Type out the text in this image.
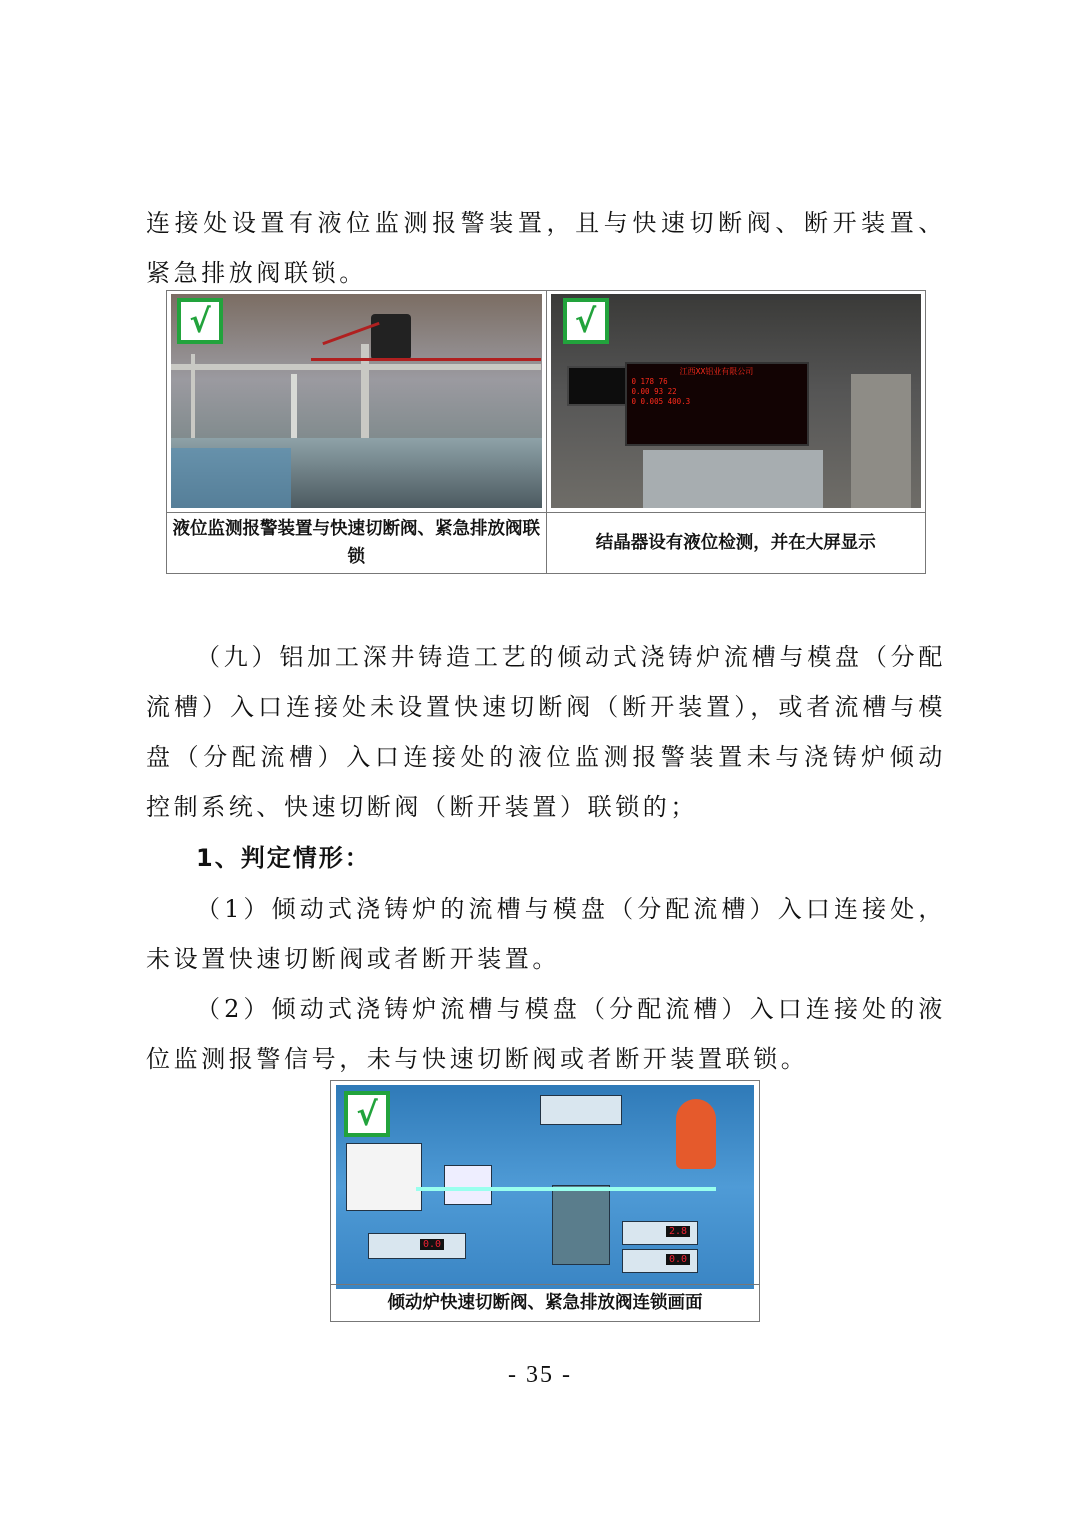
连接处设置有液位监测报警装置，且与快速切断阀、断开装置、紧急排放阀联锁。

√	√
江西XX铝业有限公司
0 178 76
0.00 93 22
0 0.005 400.3

液位监测报警装置与快速切断阀、紧急排放阀联锁	结晶器设有液位检测，并在大屏显示

（九）铝加工深井铸造工艺的倾动式浇铸炉流槽与模盘（分配流槽）入口连接处未设置快速切断阀（断开装置），或者流槽与模盘（分配流槽）入口连接处的液位监测报警装置未与浇铸炉倾动控制系统、快速切断阀（断开装置）联锁的；

1、判定情形：

（1）倾动式浇铸炉的流槽与模盘（分配流槽）入口连接处，未设置快速切断阀或者断开装置。

（2）倾动式浇铸炉流槽与模盘（分配流槽）入口连接处的液位监测报警信号，未与快速切断阀或者断开装置联锁。

√
0.0
2.8
0.0
倾动炉快速切断阀、紧急排放阀连锁画面
- 35 -
